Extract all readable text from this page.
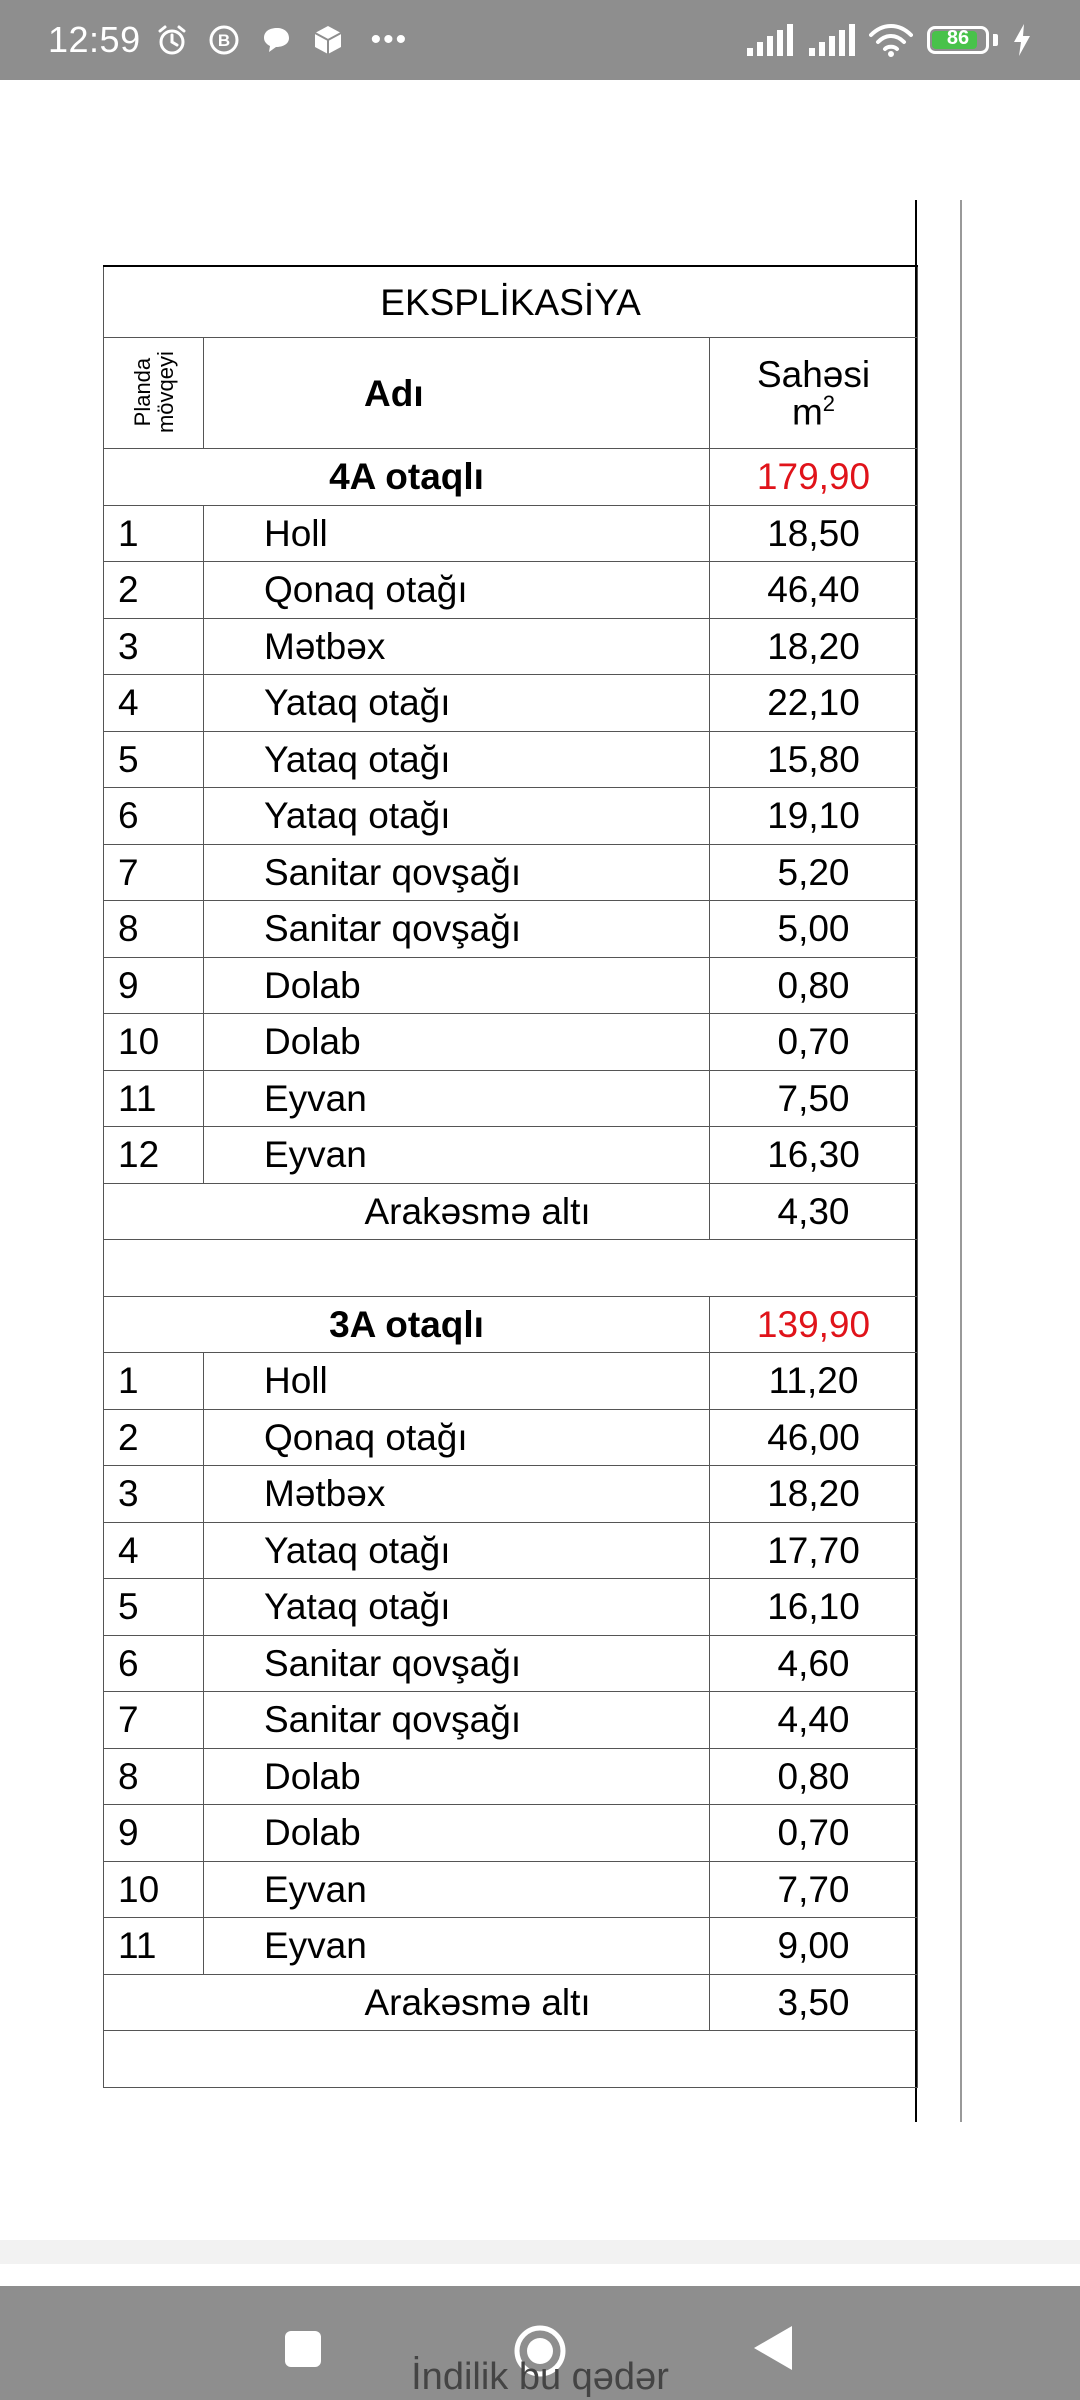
12:59	B	•••	86
EKSPLİKASİYA		
Planda
mövqeyi	Adı	Sahəsi
$m^2$
4A otaqlı		179,90
1	Holl	18,50
2	Qonaq otağı	46,40
3	Mətbəx	18,20
4	Yataq otağı	22,10
5	Yataq otağı	15,80
6	Yataq otağı	19,10
7	Sanitar qovşağı	5,20
8	Sanitar qovşağı	5,00
9	Dolab	0,80
10	Dolab	0,70
11	Eyvan	7,50
12	Eyvan	16,30
	Arakəsmə altı	4,30

3A otaqlı		139,90
1	Holl	11,20
2	Qonaq otağı	46,00
3	Mətbəx	18,20
4	Yataq otağı	17,70
5	Yataq otağı	16,10
6	Sanitar qovşağı	4,60
7	Sanitar qovşağı	4,40
8	Dolab	0,80
9	Dolab	0,70
10	Eyvan	7,70
11	Eyvan	9,00
	Arakəsmə altı	3,50

İndilik bu qədər
